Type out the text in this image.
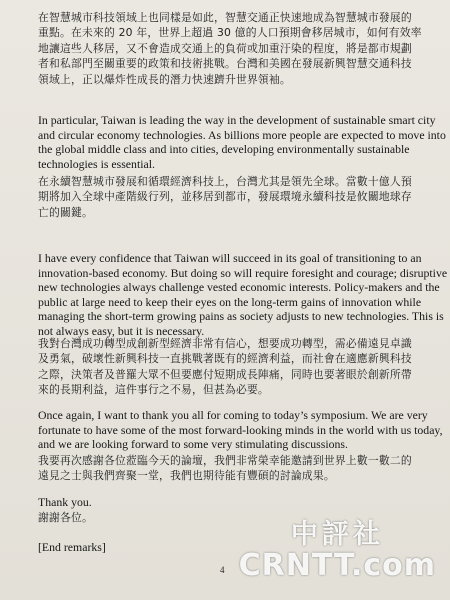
在智慧城市科技領域上也同樣是如此，智慧交通正快速地成為智慧城市發展的
重點。在未來的 20 年，世界上超過 30 億的人口預期會移居城市，如何有效率
地讓這些人移居，又不會造成交通上的負荷或加重汙染的程度，將是都市規劃
者和私部門至關重要的政策和技術挑戰。台灣和美國在發展新興智慧交通科技
領域上，正以爆炸性成長的潛力快速躋升世界領袖。
In particular, Taiwan is leading the way in the development of sustainable smart city
and circular economy technologies. As billions more people are expected to move into
the global middle class and into cities, developing environmentally sustainable
technologies is essential.
在永續智慧城市發展和循環經濟科技上，台灣尤其是領先全球。當數十億人預
期將加入全球中產階級行列，並移居到都市，發展環境永續科技是攸關地球存
亡的關鍵。
I have every confidence that Taiwan will succeed in its goal of transitioning to an
innovation-based economy. But doing so will require foresight and courage; disruptive
new technologies always challenge vested economic interests. Policy-makers and the
public at large need to keep their eyes on the long-term gains of innovation while
managing the short-term growing pains as society adjusts to new technologies. This is
not always easy, but it is necessary.
我對台灣成功轉型成創新型經濟非常有信心，想要成功轉型，需必備遠見卓識
及勇氣，破壞性新興科技一直挑戰著既有的經濟利益，而社會在適應新興科技
之際，決策者及普羅大眾不但要應付短期成長陣痛，同時也要著眼於創新所帶
來的長期利益，這件事行之不易，但甚為必要。
Once again, I want to thank you all for coming to today’s symposium. We are very
fortunate to have some of the most forward-looking minds in the world with us today,
and we are looking forward to some very stimulating discussions.
我要再次感謝各位蒞臨今天的論壇，我們非常榮幸能邀請到世界上數一數二的
遠見之士與我們齊聚一堂，我們也期待能有豐碩的討論成果。
Thank you.
謝謝各位。
[End remarks]
4
中評社
CRNTT.com
